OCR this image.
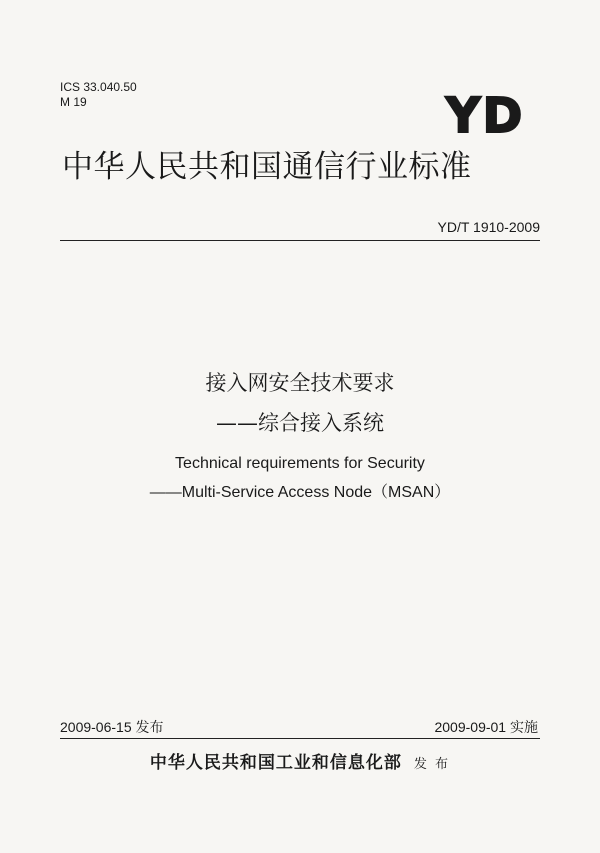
ICS 33.040.50
M 19	YD
中华人民共和国通信行业标准
YD/T 1910-2009
接入网安全技术要求
——综合接入系统
Technical requirements for Security
——Multi-Service Access Node（MSAN）
2009-06-15 发布	2009-09-01 实施
中华人民共和国工业和信息化部 发 布
